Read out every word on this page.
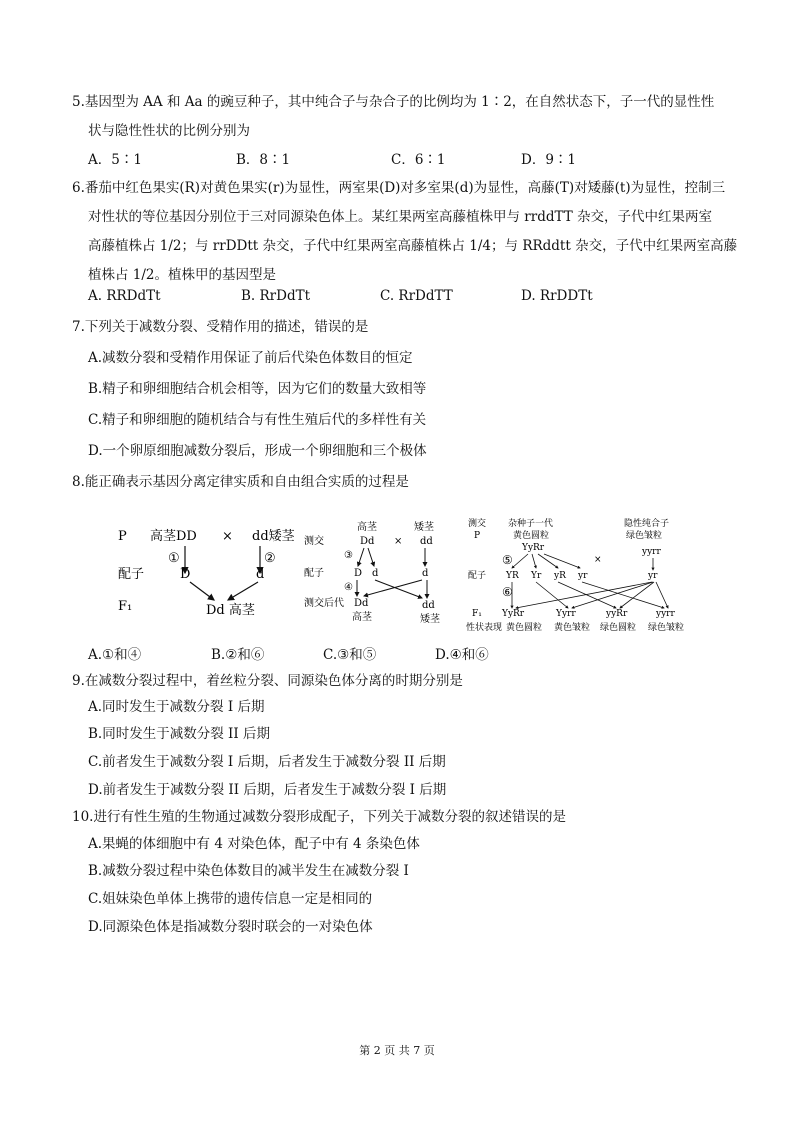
5.基因型为 AA 和 Aa 的豌豆种子，其中纯合子与杂合子的比例均为 1∶2，在自然状态下，子一代的显性性
状与隐性性状的比例分别为
A．5∶1	B．8∶1	C．6∶1	D．9∶1
6.番茄中红色果实(R)对黄色果实(r)为显性，两室果(D)对多室果(d)为显性，高藤(T)对矮藤(t)为显性，控制三
对性状的等位基因分别位于三对同源染色体上。某红果两室高藤植株甲与 rrddTT 杂交，子代中红果两室
高藤植株占 1/2；与 rrDDtt 杂交，子代中红果两室高藤植株占 1/4；与 RRddtt 杂交，子代中红果两室高藤
植株占 1/2。植株甲的基因型是
A. RRDdTt	B. RrDdTt	C. RrDdTT	D. RrDDTt
7.下列关于减数分裂、受精作用的描述，错误的是
A.减数分裂和受精作用保证了前后代染色体数目的恒定
B.精子和卵细胞结合机会相等，因为它们的数量大致相等
C.精子和卵细胞的随机结合与有性生殖后代的多样性有关
D.一个卵原细胞减数分裂后，形成一个卵细胞和三个极体
8.能正确表示基因分离定律实质和自由组合实质的过程是
P 高茎DD × dd矮茎
①	②
配子	D	d
F₁	Dd 高茎
高茎	矮茎
测交	Dd × dd
③
配子	D d	d
④
测交后代 Dd	dd
高茎	矮茎
测交
P
杂种子一代
黄色圆粒
隐性纯合子
绿色皱粒
YyRr
×
yyrr
⑤
配子 YR Yr yR yr	yr
⑥
F₁ YyRr	Yyrr	yyRr	yyrr
性状表现 黄色圆粒 黄色皱粒 绿色圆粒 绿色皱粒
A.①和④	B.②和⑥	C.③和⑤	D.④和⑥
9.在减数分裂过程中，着丝粒分裂、同源染色体分离的时期分别是
A.同时发生于减数分裂 I 后期
B.同时发生于减数分裂 II 后期
C.前者发生于减数分裂 I 后期，后者发生于减数分裂 II 后期
D.前者发生于减数分裂 II 后期，后者发生于减数分裂 I 后期
10.进行有性生殖的生物通过减数分裂形成配子，下列关于减数分裂的叙述错误的是
A.果蝇的体细胞中有 4 对染色体，配子中有 4 条染色体
B.减数分裂过程中染色体数目的减半发生在减数分裂 I
C.姐妹染色单体上携带的遗传信息一定是相同的
D.同源染色体是指减数分裂时联会的一对染色体
第 2 页 共 7 页
